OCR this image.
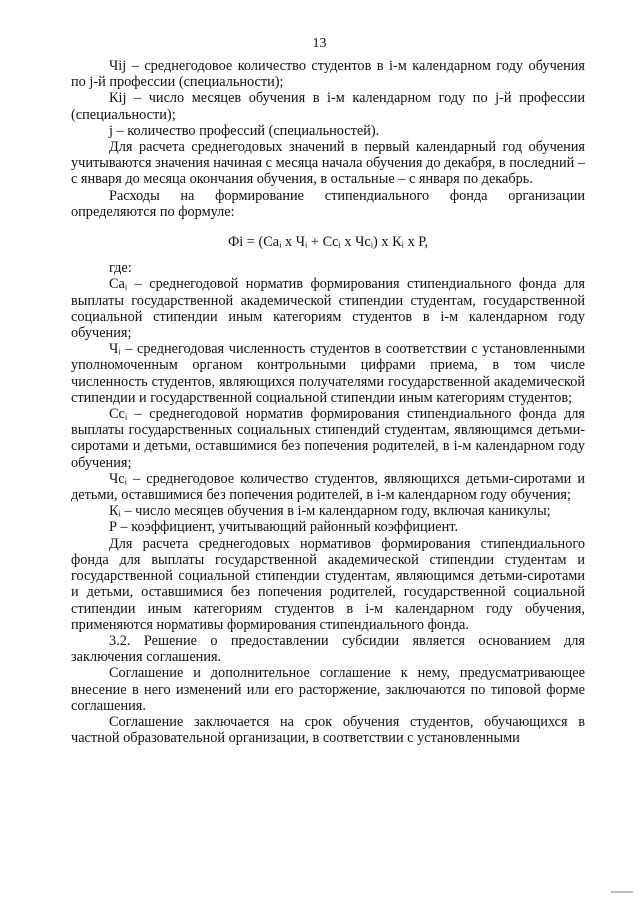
13

Чij – среднегодовое количество студентов в i-м календарном году обучения по j-й профессии (специальности);

Кij – число месяцев обучения в i-м календарном году по j-й профессии (специальности);

j – количество профессий (специальностей).

Для расчета среднегодовых значений в первый календарный год обучения учитываются значения начиная с месяца начала обучения до декабря, в последний – с января до месяца окончания обучения, в остальные – с января по декабрь.

Расходы на формирование стипендиального фонда организации определяются по формуле:

Фi = (Caᵢ x Чᵢ + Ccᵢ x Чcᵢ) x Кᵢ x Р,

где:

Caᵢ – среднегодовой норматив формирования стипендиального фонда для выплаты государственной академической стипендии студентам, государственной социальной стипендии иным категориям студентов в i-м календарном году обучения;

Чᵢ – среднегодовая численность студентов в соответствии с установленными уполномоченным органом контрольными цифрами приема, в том числе численность студентов, являющихся получателями государственной академической стипендии и государственной социальной стипендии иным категориям студентов;

Ccᵢ – среднегодовой норматив формирования стипендиального фонда для выплаты государственных социальных стипендий студентам, являющимся детьми-сиротами и детьми, оставшимися без попечения родителей, в i-м календарном году обучения;

Чcᵢ – среднегодовое количество студентов, являющихся детьми-сиротами и детьми, оставшимися без попечения родителей, в i-м календарном году обучения;

Кᵢ – число месяцев обучения в i-м календарном году, включая каникулы;

Р – коэффициент, учитывающий районный коэффициент.

Для расчета среднегодовых нормативов формирования стипендиального фонда для выплаты государственной академической стипендии студентам и государственной социальной стипендии студентам, являющимся детьми-сиротами и детьми, оставшимися без попечения родителей, государственной социальной стипендии иным категориям студентов в i-м календарном году обучения, применяются нормативы формирования стипендиального фонда.

3.2. Решение о предоставлении субсидии является основанием для заключения соглашения.

Соглашение и дополнительное соглашение к нему, предусматривающее внесение в него изменений или его расторжение, заключаются по типовой форме соглашения.

Соглашение заключается на срок обучения студентов, обучающихся в частной образовательной организации, в соответствии с установленными
